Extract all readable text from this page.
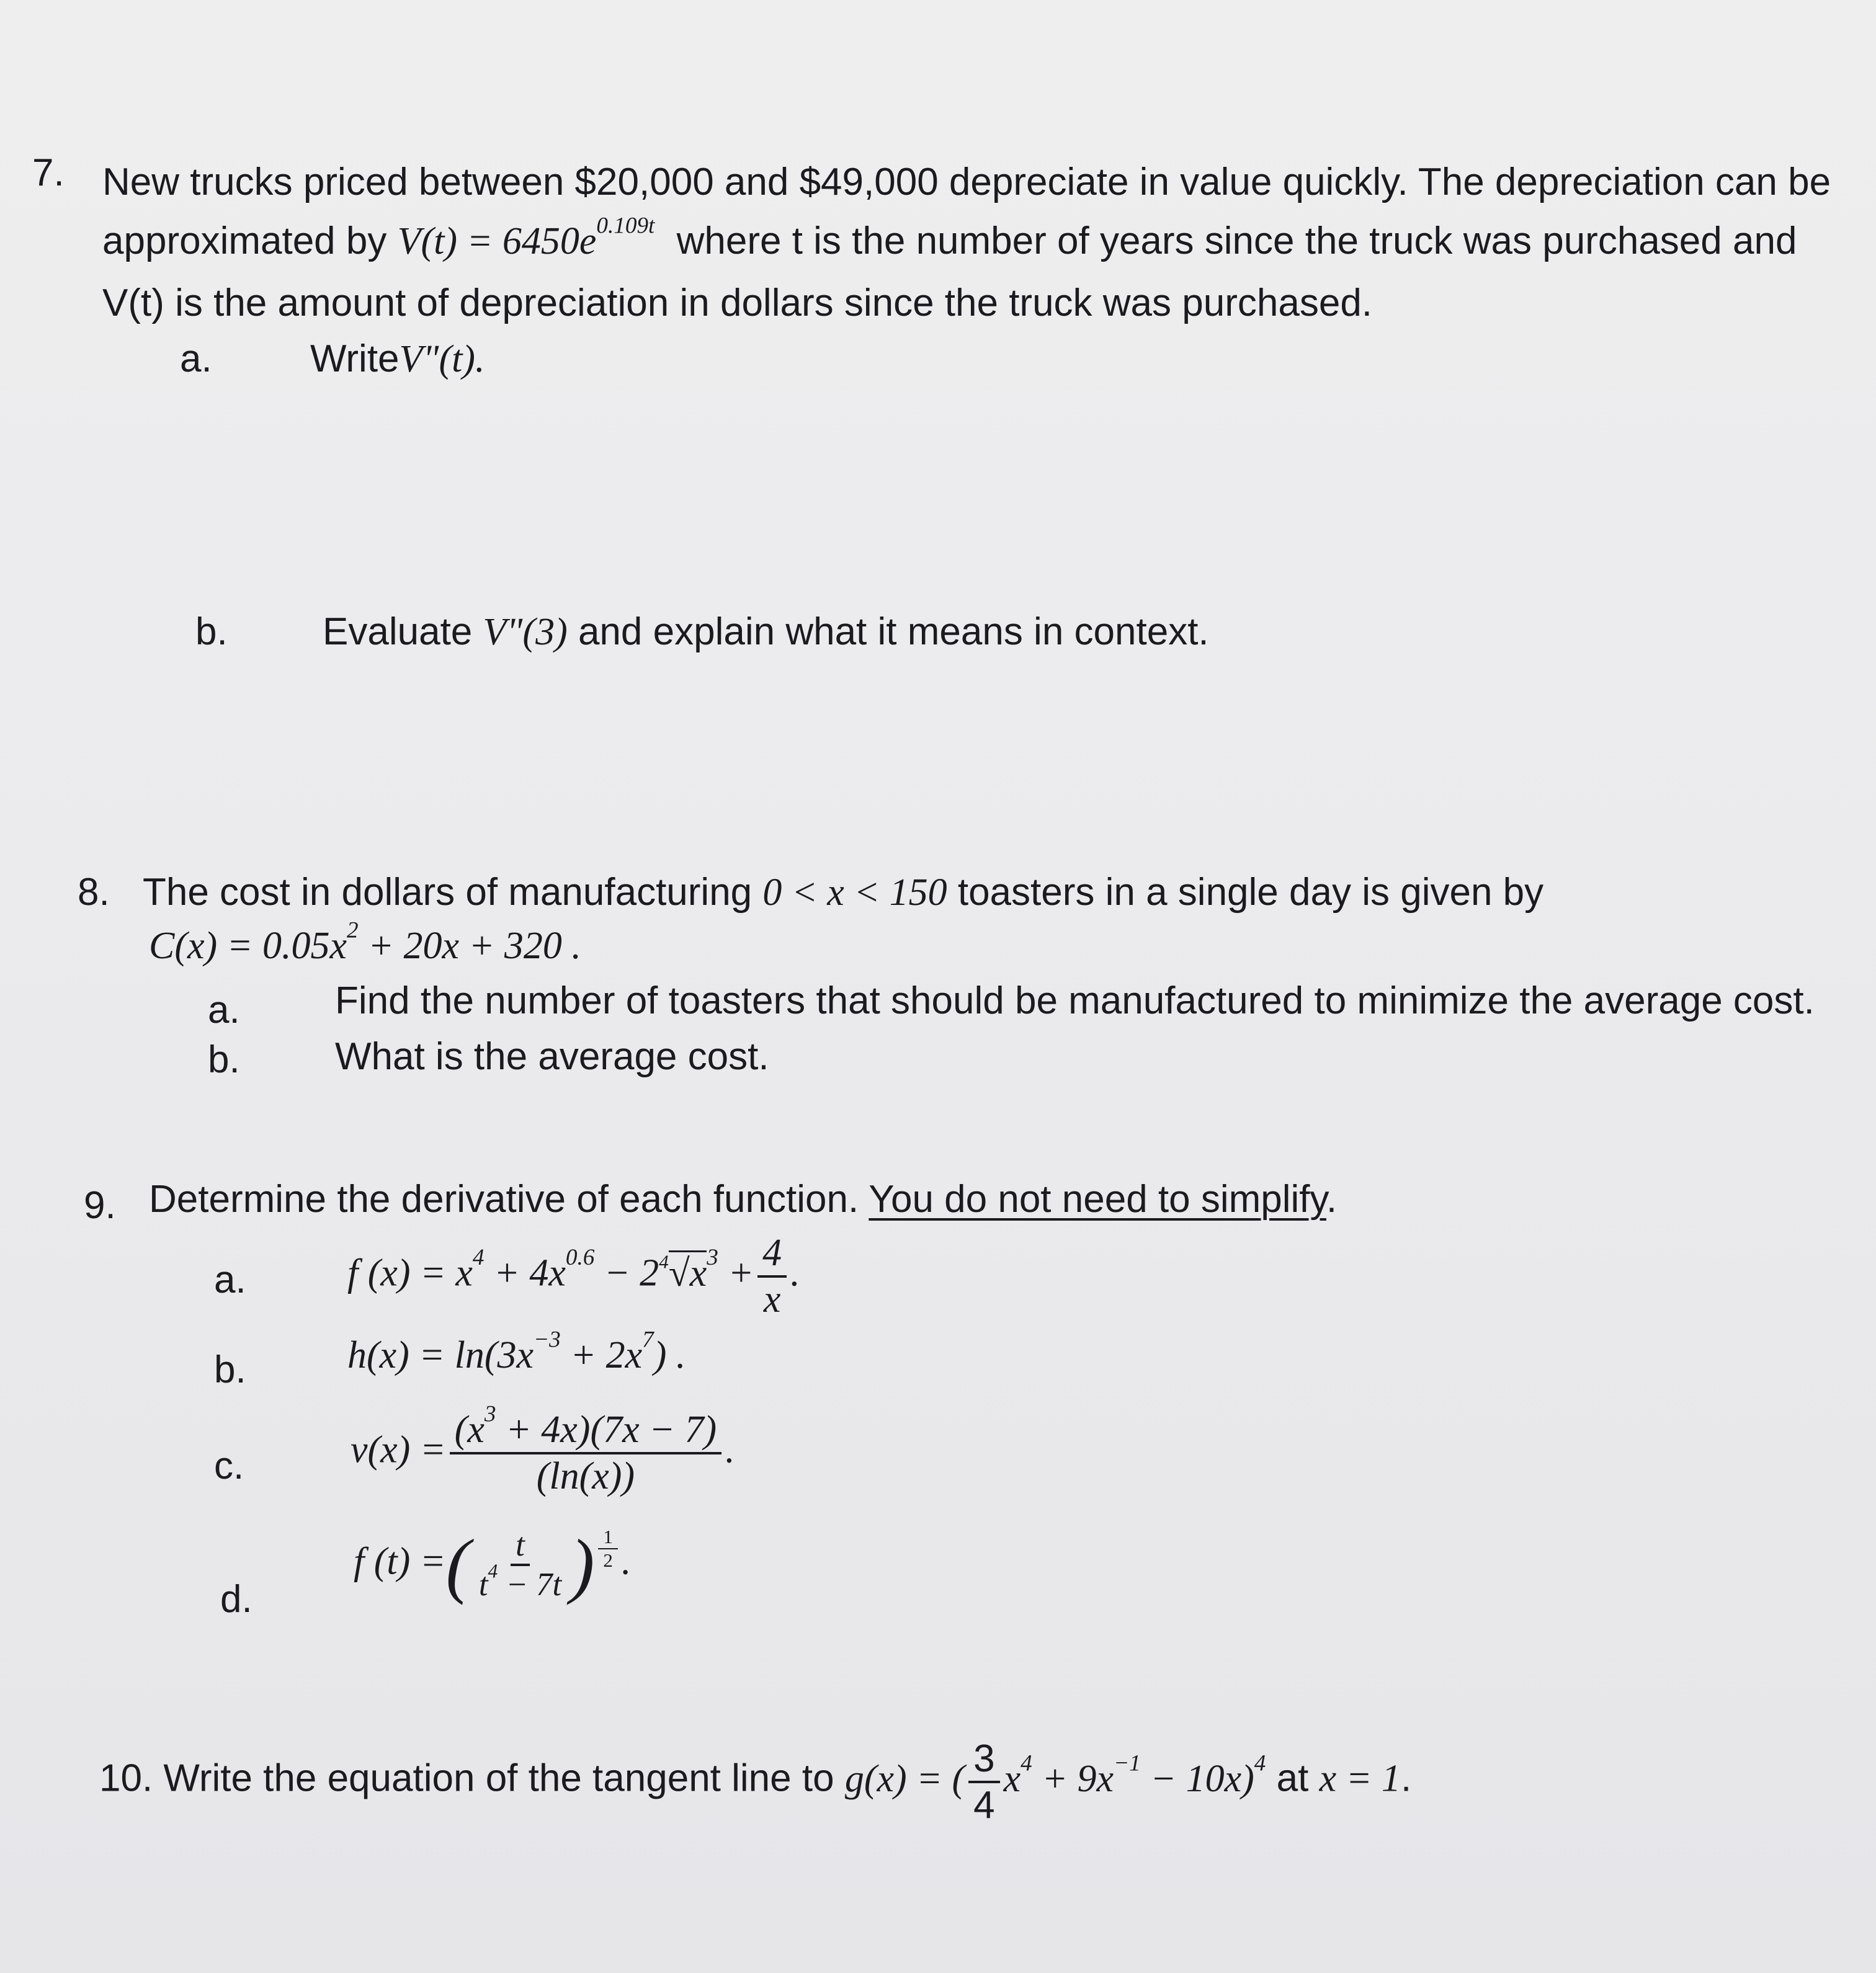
7. New trucks priced between $20,000 and $49,000 depreciate in value quickly. The depreciation can be
approximated by $V(t) = 6450e^{0.109t}$ where t is the number of years since the truck was purchased and
V(t) is the amount of depreciation in dollars since the truck was purchased.
a.	WriteV"(t).
b. Evaluate V"(3) and explain what it means in context.
8. The cost in dollars of manufacturing 0 < x < 150 toasters in a single day is given by
$C(x) = 0.05x^2 + 20x + 320$ .
a. Find the number of toasters that should be manufactured to minimize the average cost.
b. What is the average cost.
9. Determine the derivative of each function. You do not need to simplify.
a.	f $(x) = x^4 + 4x^{0.6} - 2^4√x^3 + \frac{4}{x}$ .
b.	$h(x) = \ln(3x^{-3} + 2x^7)$ .
c.	$v(x) = \frac{(x^3 + 4x)(7x - 7)}{(\ln(x))}$ .
d.
f (t) =( $\frac{t}{t^4 - 7t}$ ) $\frac{1}{2}$ .
10. Write the equation of the tangent line to g(x) = ( $\frac{3}{4} x^4 + 9x^{-1} - 10x)^4$ at x = 1.
